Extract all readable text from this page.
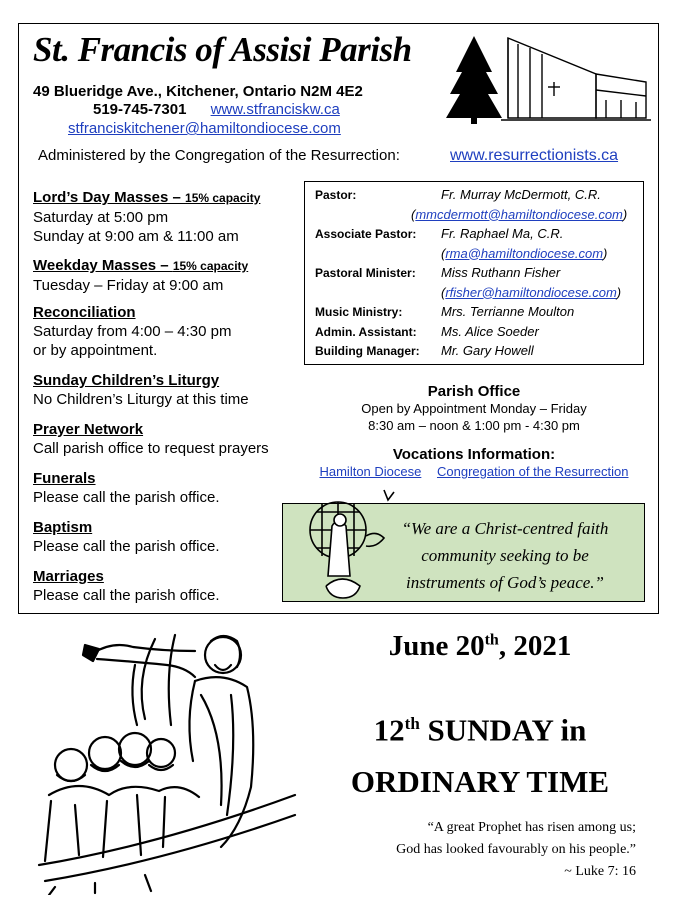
St. Francis of Assisi Parish
49 Blueridge Ave., Kitchener, Ontario N2M 4E2
519-745-7301 www.stfranciskw.ca
stfranciskitchener@hamiltondiocese.com
Administered by the Congregation of the Resurrection:	www.resurrectionists.ca
Lord’s Day Masses – 15% capacity
Saturday at 5:00 pm
Sunday at 9:00 am & 11:00 am
Weekday Masses – 15% capacity
Tuesday – Friday at 9:00 am
Reconciliation
Saturday from 4:00 – 4:30 pm
or by appointment.
Sunday Children’s Liturgy
No Children’s Liturgy at this time
Prayer Network
Call parish office to request prayers
Funerals
Please call the parish office.
Baptism
Please call the parish office.
Marriages
Please call the parish office.
Pastor:	Fr. Murray McDermott, C.R.
(mmcdermott@hamiltondiocese.com)
Associate Pastor: Fr. Raphael Ma, C.R.
(rma@hamiltondiocese.com)
Pastoral Minister: Miss Ruthann Fisher
(rfisher@hamiltondiocese.com)
Music Ministry:	Mrs. Terrianne Moulton
Admin. Assistant: Ms. Alice Soeder
Building Manager: Mr. Gary Howell
Parish Office
Open by Appointment Monday – Friday
8:30 am – noon & 1:00 pm - 4:30 pm
Vocations Information:
Hamilton Diocese Congregation of the Resurrection
“We are a Christ-centred faith
community seeking to be
instruments of God’s peace.”
June 20th, 2021
12th SUNDAY in
ORDINARY TIME
“A great Prophet has risen among us;
God has looked favourably on his people.”
~ Luke 7: 16
